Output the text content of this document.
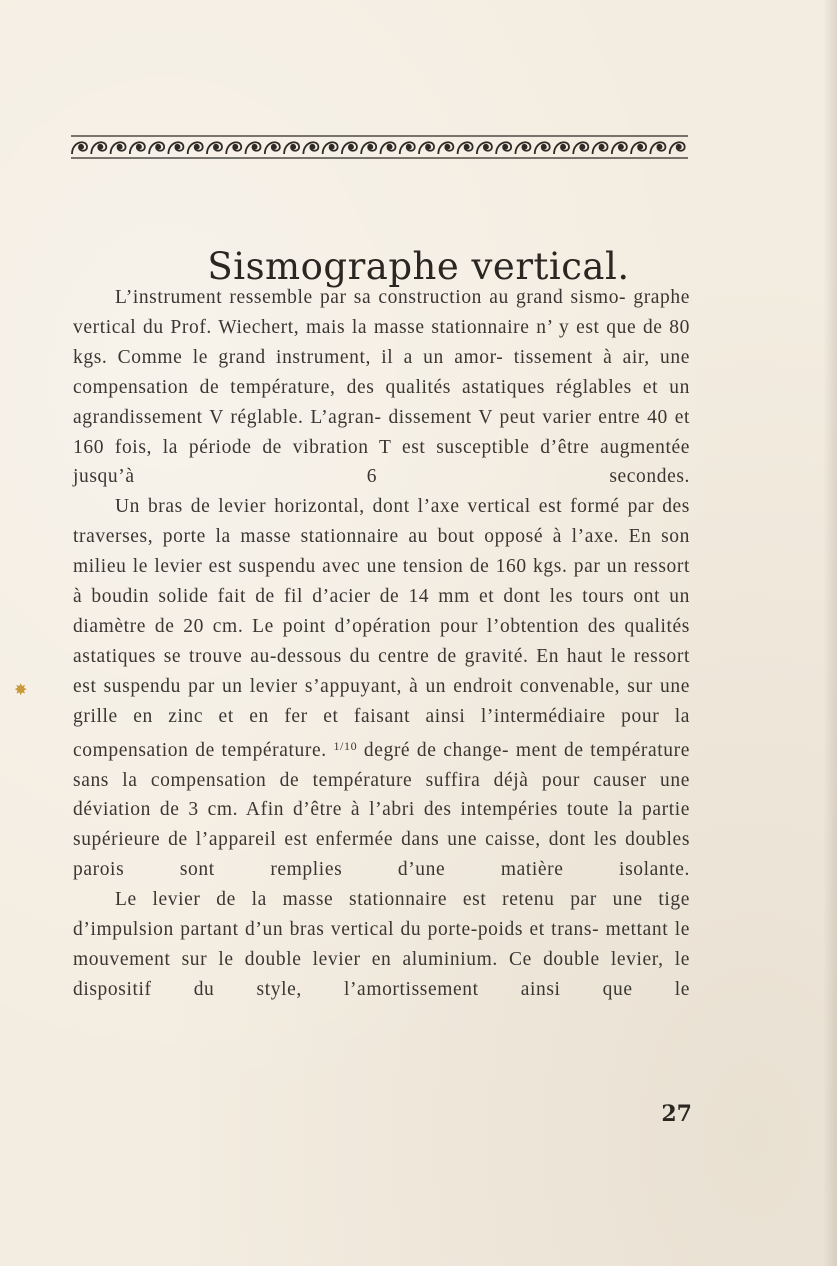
✸
Sismographe vertical.

L’instrument ressemble par sa construction au grand sismo- graphe vertical du Prof. Wiechert, mais la masse stationnaire n’ y est que de 80 kgs. Comme le grand instrument, il a un amor- tissement à air, une compensation de température, des qualités astatiques réglables et un agrandissement V réglable. L’agran- dissement V peut varier entre 40 et 160 fois, la période de vibration T est susceptible d’être augmentée jusqu’à 6 secondes.

Un bras de levier horizontal, dont l’axe vertical est formé par des traverses, porte la masse stationnaire au bout opposé à l’axe. En son milieu le levier est suspendu avec une tension de 160 kgs. par un ressort à boudin solide fait de fil d’acier de 14 mm et dont les tours ont un diamètre de 20 cm. Le point d’opération pour l’obtention des qualités astatiques se trouve au-dessous du centre de gravité. En haut le ressort est suspendu par un levier s’appuyant, à un endroit convenable, sur une grille en zinc et en fer et faisant ainsi l’intermédiaire pour la compensation de température. $^{1/10}$ degré de change- ment de température sans la compensation de température suffira déjà pour causer une déviation de 3 cm. Afin d’être à l’abri des intempéries toute la partie supérieure de l’appareil est enfermée dans une caisse, dont les doubles parois sont remplies	d’une matière isolante.

Le levier de la masse stationnaire est retenu par une tige d’impulsion partant d’un bras vertical du porte-poids et trans- mettant le mouvement sur le double levier en aluminium. Ce double levier, le dispositif du style, l’amortissement ainsi que le

27
